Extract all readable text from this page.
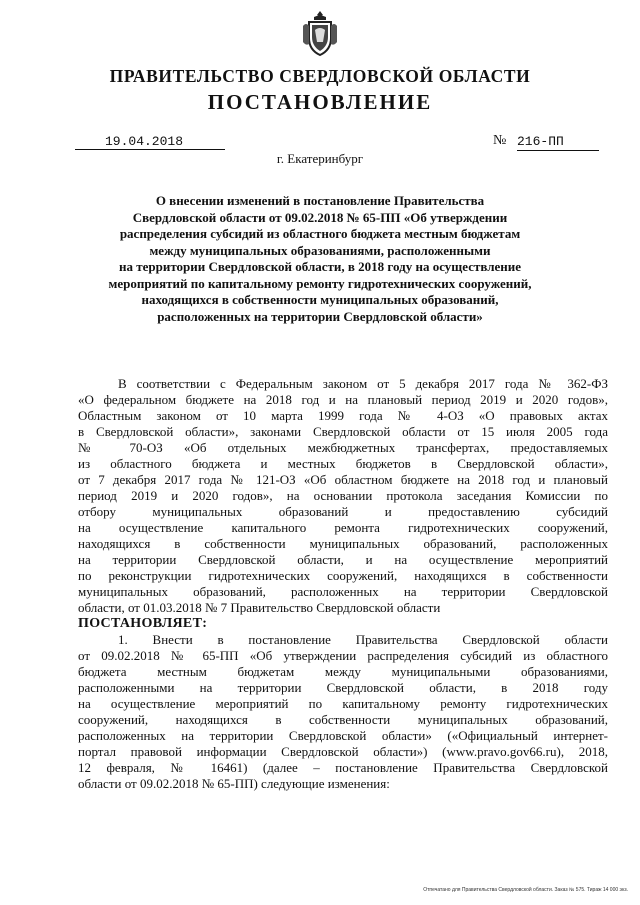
ПРАВИТЕЛЬСТВО СВЕРДЛОВСКОЙ ОБЛАСТИ
ПОСТАНОВЛЕНИЕ
19.04.2018	№ 216-ПП
г. Екатеринбург
О внесении изменений в постановление Правительства
Свердловской области от 09.02.2018 № 65-ПП «Об утверждении
распределения субсидий из областного бюджета местным бюджетам
между муниципальных образованиями, расположенными
на территории Свердловской области, в 2018 году на осуществление
мероприятий по капитальному ремонту гидротехнических сооружений,
находящихся в собственности муниципальных образований,
расположенных на территории Свердловской области»
В соответствии с Федеральным законом от 5 декабря 2017 года № 362-ФЗ
«О федеральном бюджете на 2018 год и на плановый период 2019 и 2020 годов»,
Областным законом от 10 марта 1999 года № 4-ОЗ «О правовых актах
в Свердловской области», законами Свердловской области от 15 июля 2005 года
№ 70-ОЗ «Об отдельных межбюджетных трансфертах, предоставляемых
из областного бюджета и местных бюджетов в Свердловской области»,
от 7 декабря 2017 года № 121-ОЗ «Об областном бюджете на 2018 год и плановый
период 2019 и 2020 годов», на основании протокола заседания Комиссии по
отбору муниципальных образований и предоставлению субсидий
на осуществление капитального ремонта гидротехнических сооружений,
находящихся в собственности муниципальных образований, расположенных
на территории Свердловской области, и на осуществление мероприятий
по реконструкции гидротехнических сооружений, находящихся в собственности
муниципальных образований, расположенных на территории Свердловской
области, от 01.03.2018 № 7 Правительство Свердловской области
ПОСТАНОВЛЯЕТ:
1. Внести в постановление Правительства Свердловской области
от 09.02.2018 № 65-ПП «Об утверждении распределения субсидий из областного
бюджета местным бюджетам между муниципальными образованиями,
расположенными на территории Свердловской области, в 2018 году
на осуществление мероприятий по капитальному ремонту гидротехнических
сооружений, находящихся в собственности муниципальных образований,
расположенных на территории Свердловской области» («Официальный интернет-
портал правовой информации Свердловской области») (www.pravo.gov66.ru), 2018,
12 февраля, № 16461) (далее – постановление Правительства Свердловской
области от 09.02.2018 № 65-ПП) следующие изменения:
Отпечатано для Правительства Свердловской области. Заказ № 575. Тираж 14 000 экз.
